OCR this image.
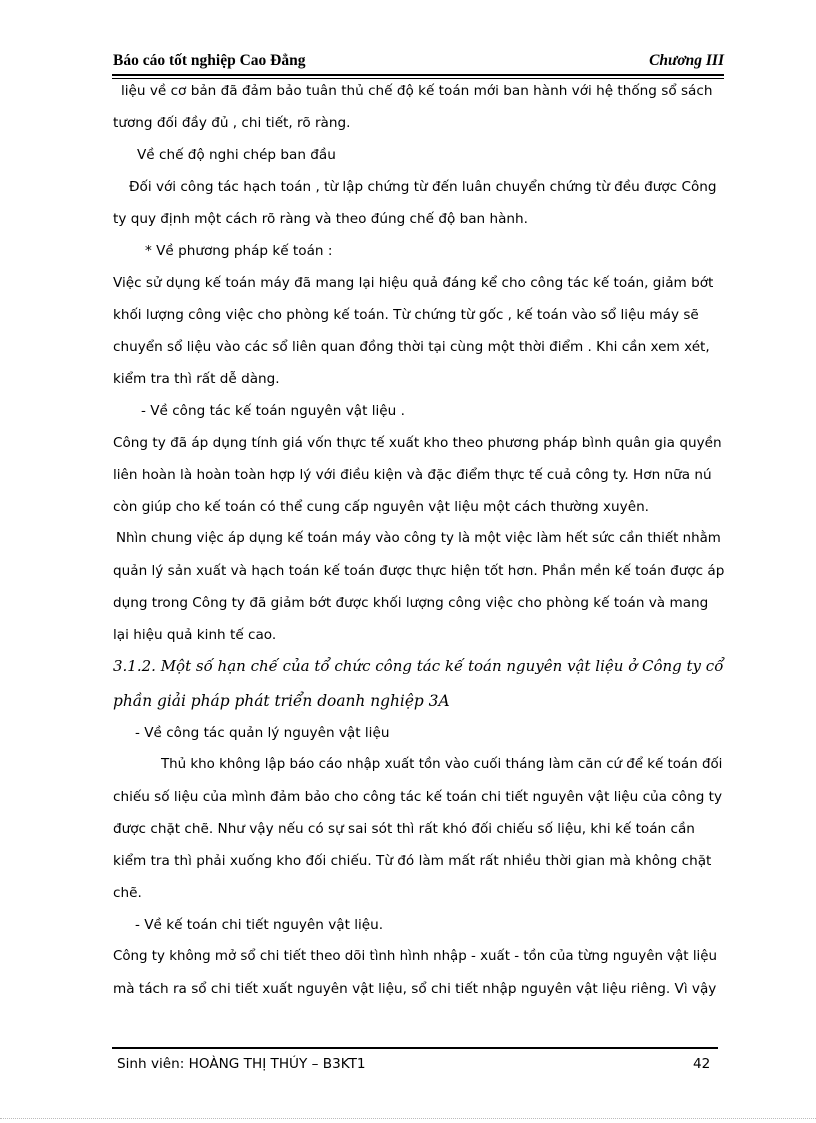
Báo cáo tốt nghiệp Cao Đẳng	Chương III
liệu về cơ bản đã đảm bảo tuân thủ chế độ kế toán mới ban hành với hệ thống sổ sách
tương đối đầy đủ , chi tiết, rõ ràng.
Về chế độ nghi chép ban đầu
Đối với công tác hạch toán , từ lập chứng từ đến luân chuyển chứng từ đều được Công
ty quy định một cách rõ ràng và theo đúng chế độ ban hành.
* Về phương pháp kế toán :
Việc sử dụng kế toán máy đã mang lại hiệu quả đáng kể cho công tác kế toán, giảm bớt
khối lượng công việc cho phòng kế toán. Từ chứng từ gốc , kế toán vào sổ liệu máy sẽ
chuyển sổ liệu vào các sổ liên quan đồng thời tại cùng một thời điểm . Khi cần xem xét,
kiểm tra thì rất dễ dàng.
- Về công tác kế toán nguyên vật liệu .
Công ty đã áp dụng tính giá vốn thực tế xuất kho theo phương pháp bình quân gia quyền
liên hoàn là hoàn toàn hợp lý với điều kiện và đặc điểm thực tế cuả công ty. Hơn nữa nú
còn giúp cho kế toán có thể cung cấp nguyên vật liệu một cách thường xuyên.
Nhìn chung việc áp dụng kế toán máy vào công ty là một việc làm hết sức cần thiết nhằm
quản lý sản xuất và hạch toán kế toán được thực hiện tốt hơn. Phần mền kế toán được áp
dụng trong Công ty đã giảm bớt được khối lượng công việc cho phòng kế toán và mang
lại hiệu quả kinh tế cao.
3.1.2. Một số hạn chế của tổ chức công tác kế toán nguyên vật liệu ở Công ty cổ
phần giải pháp phát triển doanh nghiệp 3A
- Về công tác quản lý nguyên vật liệu
Thủ kho không lập báo cáo nhập xuất tồn vào cuối tháng làm căn cứ để kế toán đối
chiếu số liệu của mình đảm bảo cho công tác kế toán chi tiết nguyên vật liệu của công ty
được chặt chẽ. Như vậy nếu có sự sai sót thì rất khó đối chiếu số liệu, khi kế toán cần
kiểm tra thì phải xuống kho đối chiếu. Từ đó làm mất rất nhiều thời gian mà không chặt
chẽ.
- Về kế toán chi tiết nguyên vật liệu.
Công ty không mở sổ chi tiết theo dõi tình hình nhập - xuất - tồn của từng nguyên vật liệu
mà tách ra sổ chi tiết xuất nguyên vật liệu, sổ chi tiết nhập nguyên vật liệu riêng. Vì vậy
Sinh viên: HOÀNG THỊ THÚY – B3KT1	42
